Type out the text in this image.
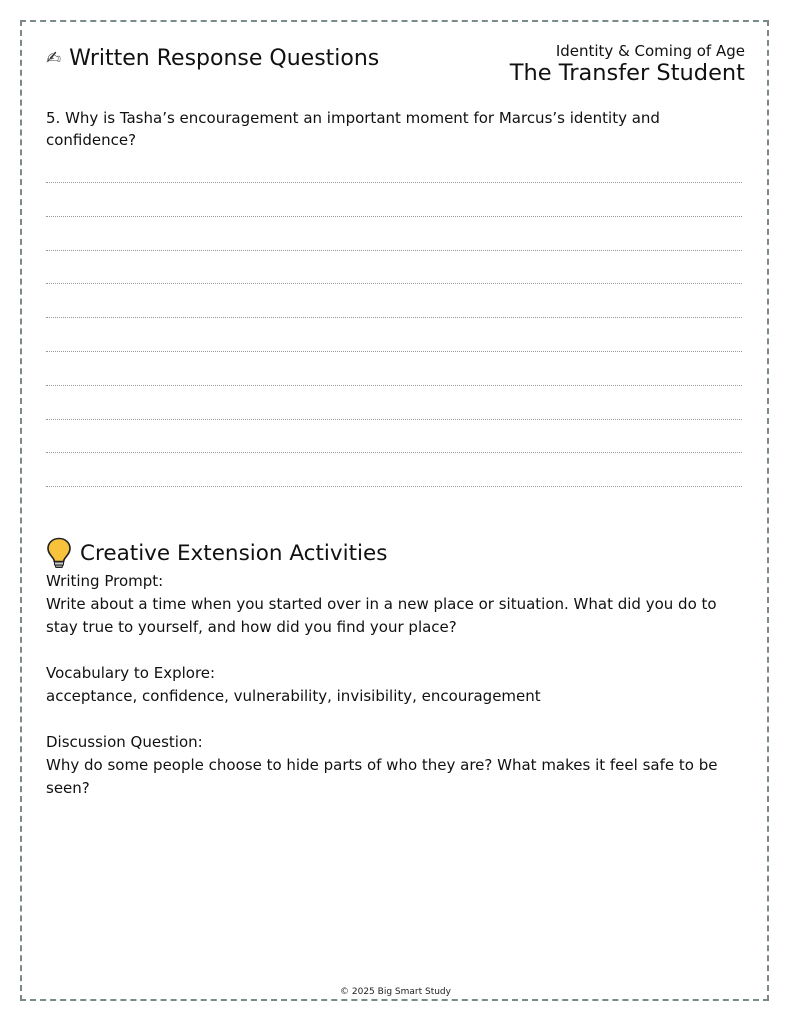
✍ Written Response Questions	Identity & Coming of Age
The Transfer Student
5. Why is Tasha’s encouragement an important moment for Marcus’s identity and confidence?
Creative Extension Activities
Writing Prompt:
Write about a time when you started over in a new place or situation. What did you do to stay true to yourself, and how did you find your place?
Vocabulary to Explore:
acceptance, confidence, vulnerability, invisibility, encouragement
Discussion Question:
Why do some people choose to hide parts of who they are? What makes it feel safe to be seen?
© 2025 Big Smart Study
